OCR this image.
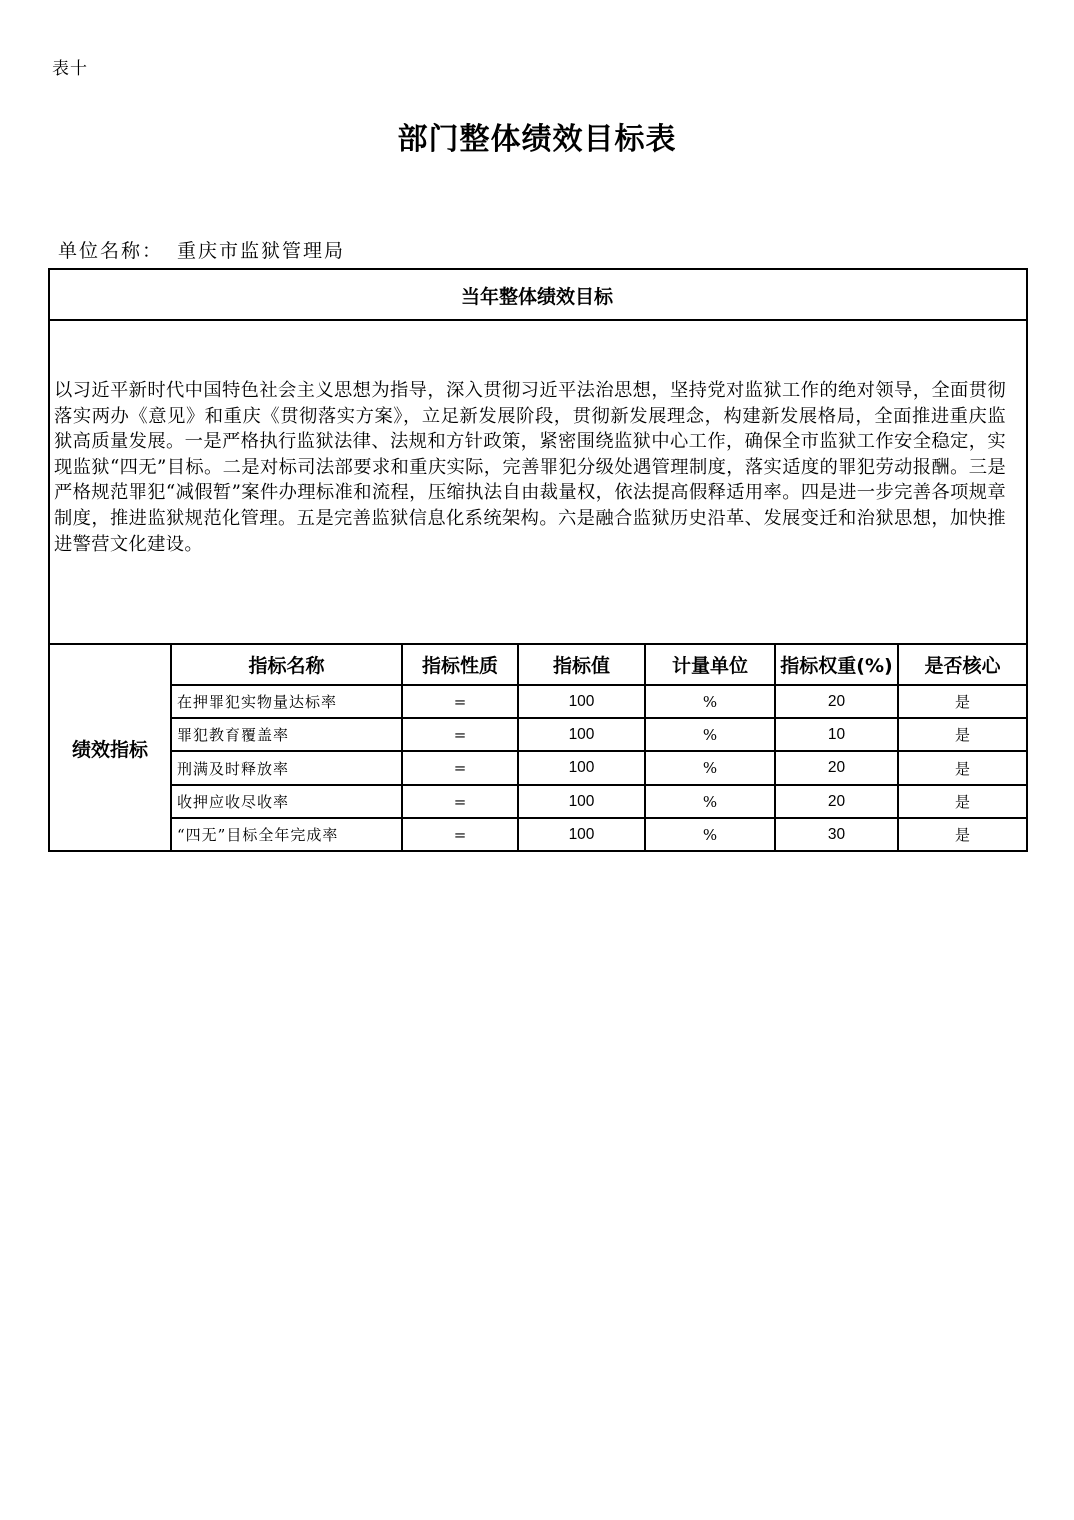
表十
部门整体绩效目标表
单位名称： 重庆市监狱管理局
当年整体绩效目标
以习近平新时代中国特色社会主义思想为指导，深入贯彻习近平法治思想，坚持党对监狱工作的绝对领导，全面贯彻落实两办《意见》和重庆《贯彻落实方案》，立足新发展阶段，贯彻新发展理念，构建新发展格局，全面推进重庆监狱高质量发展。一是严格执行监狱法律、法规和方针政策，紧密围绕监狱中心工作，确保全市监狱工作安全稳定，实现监狱“四无”目标。二是对标司法部要求和重庆实际，完善罪犯分级处遇管理制度，落实适度的罪犯劳动报酬。三是严格规范罪犯“减假暂”案件办理标准和流程，压缩执法自由裁量权，依法提高假释适用率。四是进一步完善各项规章制度，推进监狱规范化管理。五是完善监狱信息化系统架构。六是融合监狱历史沿革、发展变迁和治狱思想，加快推进警营文化建设。
绩效指标
指标名称	指标性质	指标值	计量单位	指标权重(%)	是否核心
在押罪犯实物量达标率	=	100	%	20	是
罪犯教育覆盖率	=	100	%	10	是
刑满及时释放率	=	100	%	20	是
收押应收尽收率	=	100	%	20	是
“四无”目标全年完成率	=	100	%	30	是
